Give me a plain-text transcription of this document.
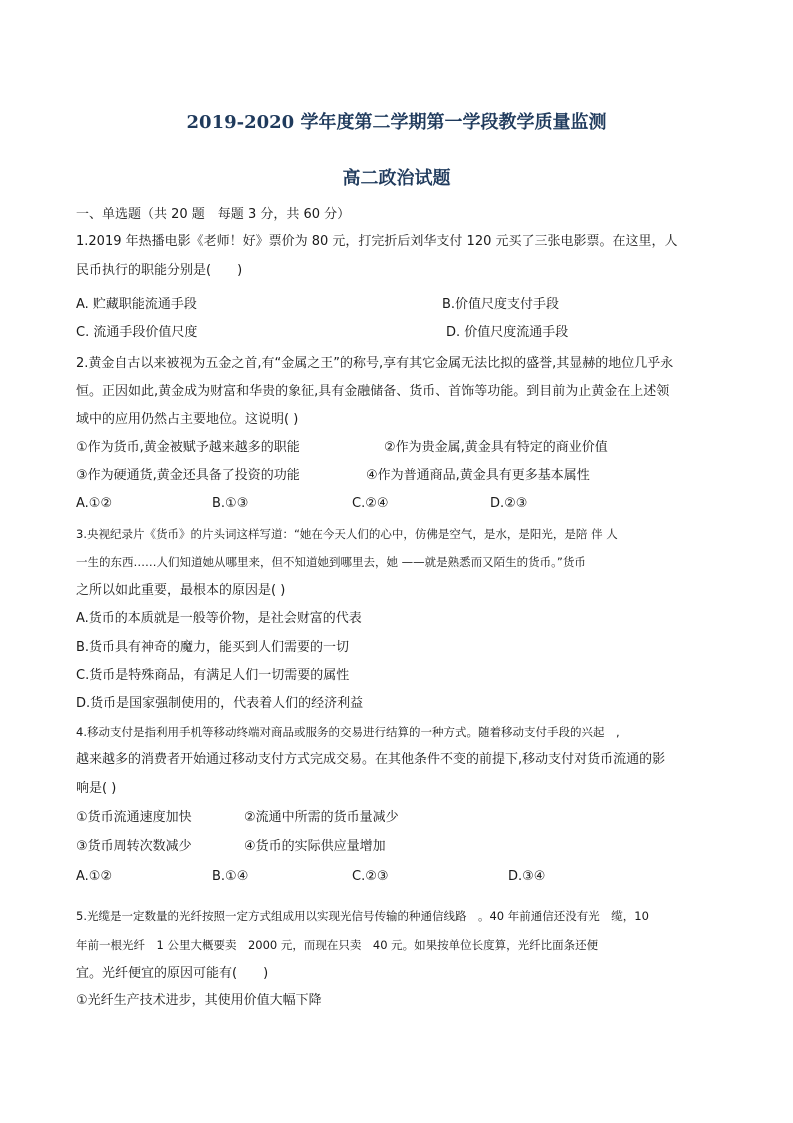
2019-2020 学年度第二学期第一学段教学质量监测
高二政治试题
一、单选题（共 20 题　每题 3 分，共 60 分）
1.2019 年热播电影《老师！好》票价为 80 元，打完折后刘华支付 120 元买了三张电影票。在这里，人
民币执行的职能分别是(　　)
A. 贮藏职能流通手段	B.价值尺度支付手段
C. 流通手段价值尺度	D. 价值尺度流通手段
2.黄金自古以来被视为五金之首,有“金属之王”的称号,享有其它金属无法比拟的盛誉,其显赫的地位几乎永
恒。正因如此,黄金成为财富和华贵的象征,具有金融储备、货币、首饰等功能。到目前为止黄金在上述领
域中的应用仍然占主要地位。这说明( )
①作为货币,黄金被赋予越来越多的职能	②作为贵金属,黄金具有特定的商业价值
③作为硬通货,黄金还具备了投资的功能	④作为普通商品,黄金具有更多基本属性
A.①②	B.①③	C.②④	D.②③
3.央视纪录片《货币》的片头词这样写道：“她在今天人们的心中，仿佛是空气，是水，是阳光，是陪 伴 人
一生的东西……人们知道她从哪里来，但不知道她到哪里去，她 ——就是熟悉而又陌生的货币。”货币
之所以如此重要，最根本的原因是( )
A.货币的本质就是一般等价物，是社会财富的代表
B.货币具有神奇的魔力，能买到人们需要的一切
C.货币是特殊商品，有满足人们一切需要的属性
D.货币是国家强制使用的，代表着人们的经济利益
4.移动支付是指利用手机等移动终端对商品或服务的交易进行结算的一种方式。随着移动支付手段的兴起　,
越来越多的消费者开始通过移动支付方式完成交易。在其他条件不变的前提下,移动支付对货币流通的影
响是( )
①货币流通速度加快	②流通中所需的货币量减少
③货币周转次数减少	④货币的实际供应量增加
A.①②	B.①④	C.②③	D.③④
5.光缆是一定数量的光纤按照一定方式组成用以实现光信号传输的种通信线路　。40 年前通信还没有光　缆，10
年前一根光纤　1 公里大概要卖　2000 元，而现在只卖　40 元。如果按单位长度算，光纤比面条还便
宜。光纤便宜的原因可能有(　　)
①光纤生产技术进步，其使用价值大幅下降
